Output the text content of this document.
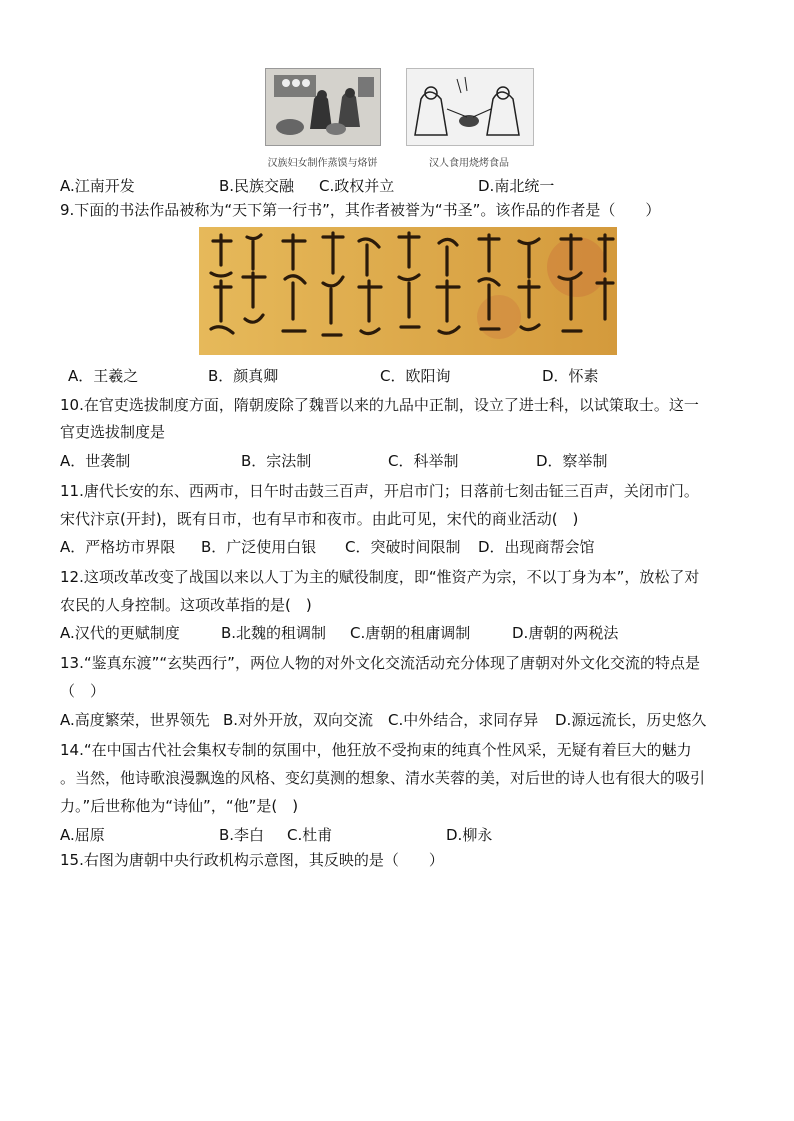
汉族妇女制作蒸馍与烙饼	汉人食用烧烤食品
A.江南开发	B.民族交融 C.政权并立	D.南北统一
9.下面的书法作品被称为“天下第一行书”，其作者被誉为“书圣”。该作品的作者是（　　）
A．王羲之	B．颜真卿	C．欧阳询	D．怀素
10.在官吏选拔制度方面，隋朝废除了魏晋以来的九品中正制，设立了进士科，以试策取士。这一
官吏选拔制度是
A．世袭制	B．宗法制	C．科举制	D．察举制
11.唐代长安的东、西两市，日午时击鼓三百声，开启市门；日落前七刻击钲三百声，关闭市门。
宋代汴京(开封)，既有日市，也有早市和夜市。由此可见，宋代的商业活动(　)
A．严格坊市界限 B．广泛使用白银 C．突破时间限制 D．出现商帮会馆
12.这项改革改变了战国以来以人丁为主的赋役制度，即“惟资产为宗，不以丁身为本”，放松了对
农民的人身控制。这项改革指的是(　)
A.汉代的更赋制度	B.北魏的租调制 C.唐朝的租庸调制	D.唐朝的两税法
13.“鉴真东渡”“玄奘西行”，两位人物的对外文化交流活动充分体现了唐朝对外文化交流的特点是
（　）
A.高度繁荣，世界领先 B.对外开放，双向交流 C.中外结合，求同存异 D.源远流长，历史悠久
14.“在中国古代社会集权专制的氛围中，他狂放不受拘束的纯真个性风采，无疑有着巨大的魅力
。当然，他诗歌浪漫飘逸的风格、变幻莫测的想象、清水芙蓉的美，对后世的诗人也有很大的吸引
力。”后世称他为“诗仙”，“他”是(　)
A.屈原	B.李白 C.杜甫	D.柳永
15.右图为唐朝中央行政机构示意图，其反映的是（　　）
